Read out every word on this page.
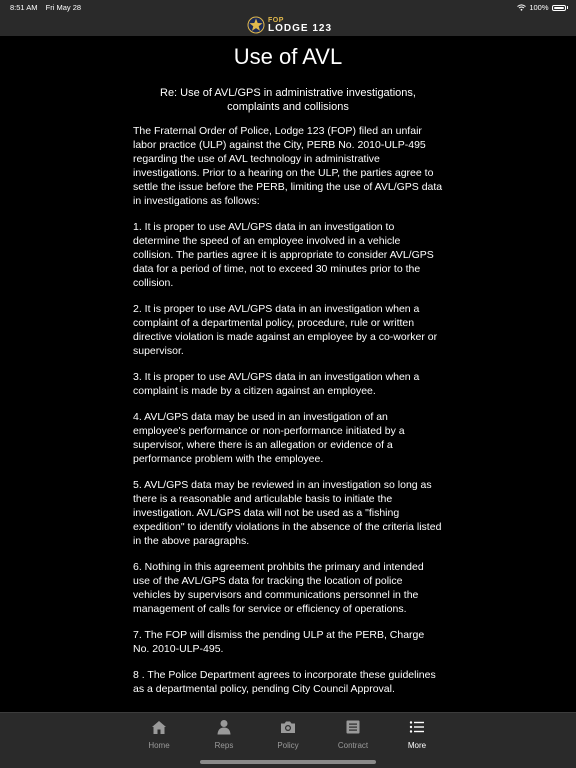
8:51 AM Fri May 28	100%
FOP
LODGE 123
Use of AVL

Re: Use of AVL/GPS in administrative investigations, complaints and collisions

The Fraternal Order of Police, Lodge 123 (FOP) filed an unfair labor practice (ULP) against the City, PERB No. 2010-ULP-495 regarding the use of AVL technology in administrative investigations. Prior to a hearing on the ULP, the parties agree to settle the issue before the PERB, limiting the use of AVL/GPS data in investigations as follows:

1. It is proper to use AVL/GPS data in an investigation to determine the speed of an employee involved in a vehicle collision. The parties agree it is appropriate to consider AVL/GPS data for a period of time, not to exceed 30 minutes prior to the collision.

2. It is proper to use AVL/GPS data in an investigation when a complaint of a departmental policy, procedure, rule or written directive violation is made against an employee by a co-worker or supervisor.

3. It is proper to use AVL/GPS data in an investigation when a complaint is made by a citizen against an employee.

4. AVL/GPS data may be used in an investigation of an employee's performance or non-performance initiated by a supervisor, where there is an allegation or evidence of a performance problem with the employee.

5. AVL/GPS data may be reviewed in an investigation so long as there is a reasonable and articulable basis to initiate the investigation. AVL/GPS data will not be used as a "fishing expedition" to identify violations in the absence of the criteria listed in the above paragraphs.

6. Nothing in this agreement prohbits the primary and intended use of the AVL/GPS data for tracking the location of police vehicles by supervisors and communications personnel in the management of calls for service or efficiency of operations.

7. The FOP will dismiss the pending ULP at the PERB, Charge No. 2010-ULP-495.

8 . The Police Department agrees to incorporate these guidelines as a departmental policy, pending City Council Approval.

Home	Reps	Policy	Contract	More
